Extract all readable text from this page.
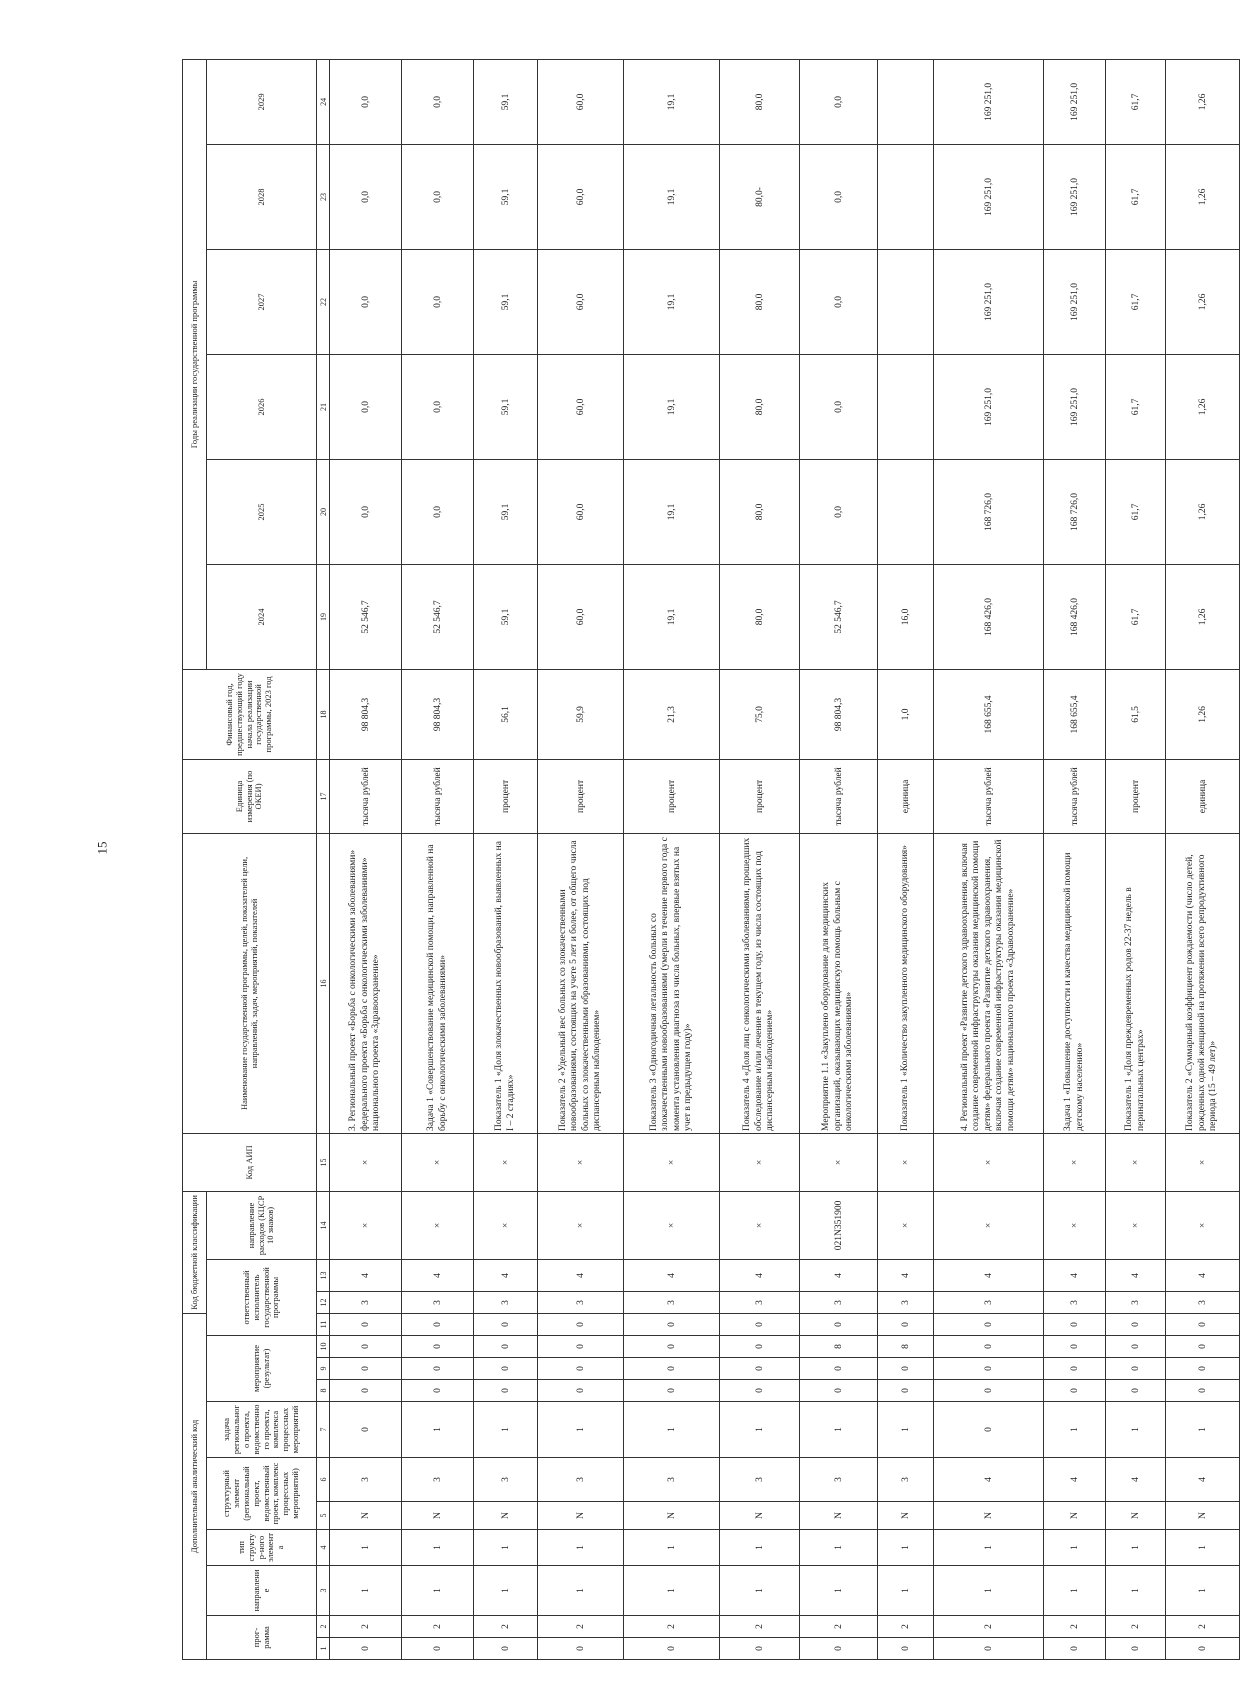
15
Дополнительный аналитический код											Код бюджетной классификации			Код АИП	Наименование государственной программы, целей, показателей цели, направлений, задач, мероприятий, показателей	Единица измерения (по ОКЕИ)	Финансовый год, предшествующий году начала реализации государственной программы, 2023 год	Годы реализации государственной программы					
прог- рамма		направление	тип структур-ного элемента	структурный элемент (региональный проект, ведомственный проект, комплекс процессных мероприятий)		задача регионального проекта, ведомственного проекта, комплекса процессных мероприятий	мероприятие (результат)			ответственный исполнитель государственной программы			направление расходов (КЦСР 10 знаков)					2024	2025	2026	2027	2028	2029
1	2	3	4	5	6	7	8	9	10	11	12	13	14	15	16	17	18	19	20	21	22	23	24
0	2	1	1	N	3	0	0	0	0	0	3	4	×	×	3. Региональный проект «Борьба с онкологическими заболеваниями» федерального проекта «Борьба с онкологическими заболеваниями» национального проекта «Здравоохранение»	тысяча рублей	98 804,3	52 546,7	0,0	0,0	0,0	0,0	0,0
0	2	1	1	N	3	1	0	0	0	0	3	4	×	×	Задача 1 «Совершенствование медицинской помощи, направленной на борьбу с онкологическими заболеваниями»	тысяча рублей	98 804,3	52 546,7	0,0	0,0	0,0	0,0	0,0
0	2	1	1	N	3	1	0	0	0	0	3	4	×	×	Показатель 1 «Доля злокачественных новообразований, выявленных на I – 2 стадиях»	процент	56,1	59,1	59,1	59,1	59,1	59,1	59,1
0	2	1	1	N	3	1	0	0	0	0	3	4	×	×	Показатель 2 «Удельный вес больных со злокачественными новообразованиями, состоящих на учете 5 лет и более, от общего числа больных со злокачественными образованиями, состоящих под диспансерным наблюдением»	процент	59,9	60,0	60,0	60,0	60,0	60,0	60,0
0	2	1	1	N	3	1	0	0	0	0	3	4	×	×	Показатель 3 «Одногодичная летальность больных со злокачественными новообразованиями (умерли в течение первого года с момента установления диагноза из числа больных, впервые взятых на учет в предыдущем году)»	процент	21,3	19,1	19,1	19,1	19,1	19,1	19,1
0	2	1	1	N	3	1	0	0	0	0	3	4	×	×	Показатель 4 «Доля лиц с онкологическими заболеваниями, прошедших обследование и/или лечение в текущем году, из числа состоящих под диспансерным наблюдением»	процент	75,0	80,0	80,0	80,0	80,0	80,0-	80,0
0	2	1	1	N	3	1	0	0	8	0	3	4	021N351900	×	Мероприятие 1.1 «Закуплено оборудование для медицинских организаций, оказывающих медицинскую помощь больным с онкологическими заболеваниями»	тысяча рублей	98 804,3	52 546,7	0,0	0,0	0,0	0,0	0,0
0	2	1	1	N	3	1	0	0	8	0	3	4	×	×	Показатель 1 «Количество закупленного медицинского оборудования»	единица	1,0	16,0					
0	2	1	1	N	4	0	0	0	0	0	3	4	×	×	4. Региональный проект «Развитие детского здравоохранения, включая создание современной инфраструктуры оказания медицинской помощи детям» федерального проекта «Развитие детского здравоохранения, включая создание современной инфраструктуры оказания медицинской помощи детям» национального проекта «Здравоохранение»	тысяча рублей	168 655,4	168 426,0	168 726,0	169 251,0	169 251,0	169 251,0	169 251,0
0	2	1	1	N	4	1	0	0	0	0	3	4	×	×	Задача 1 «Повышение доступности и качества медицинской помощи детскому населению»	тысяча рублей	168 655,4	168 426,0	168 726,0	169 251,0	169 251,0	169 251,0	169 251,0
0	2	1	1	N	4	1	0	0	0	0	3	4	×	×	Показатель 1 «Доля преждевременных родов 22-37 недель в перинатальных центрах»	процент	61,5	61,7	61,7	61,7	61,7	61,7	61,7
0	2	1	1	N	4	1	0	0	0	0	3	4	×	×	Показатель 2 «Суммарный коэффициент рождаемости (число детей, рожденных одной женщиной на протяжении всего репродуктивного периода (15 – 49 лет)»	единица	1,26	1,26	1,26	1,26	1,26	1,26	1,26
